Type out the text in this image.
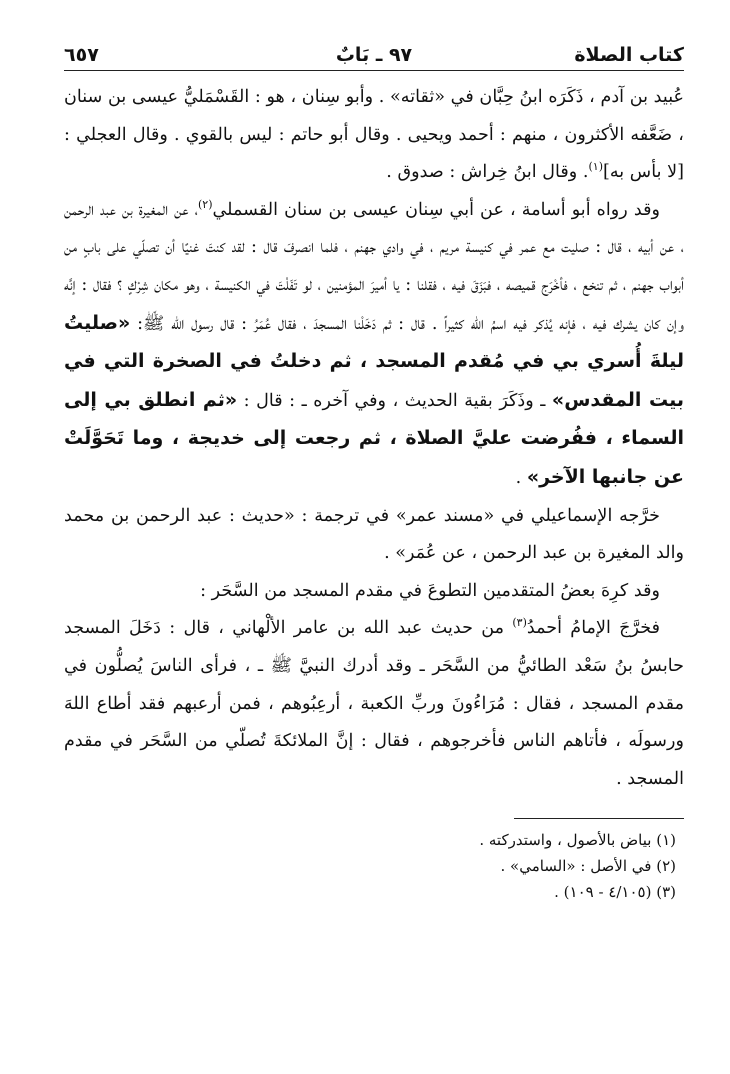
كتاب الصلاة
٩٧ ـ بَابٌ
٦٥٧

عُبيد بن آدم ، ذَكَرَه ابنُ حِبَّان في «ثقاته» . وأبو سِنان ، هو : القَسْمَليُّ عيسى بن سنان ، ضَعَّفه الأكثرون ، منهم : أحمد ويحيى . وقال أبو حاتم : ليس بالقوي . وقال العجلي : [لا بأس به]$^{(١)}$. وقال ابنُ خِراش : صدوق .

وقد رواه أبو أسامة ، عن أبي سِنان عيسى بن سنان القسملي$^{(٢)}$، عن المغيرة بن عبد الرحمن ، عن أبيه ، قال : صليت مع عمر في كنيسة مريم ، في وادي جهنم ، فلما انصرفَ قال : لقد كنتَ غنيًا أن تصلّي على بابٍ من أبواب جهنم ، ثم تنخع ، فأخْرَج قميصه ، فبَزَقَ فيه ، فقلنا : يا أميرَ المؤمنين ، لو تَفَلْتَ في الكنيسة ، وهو مكان شِرْكٍ ؟ فقال : إنَّه وإن كان يشرك فيه ، فإنه يُذكر فيه اسمُ الله كثيراً . قال : ثم دَخَلْنا المسجدَ ، فقال عُمَرُ : قال رسول الله ﷺ: «صليتُ ليلةَ أُسري بي في مُقدم المسجد ، ثم دخلتُ في الصخرة التي في بيت المقدس» ـ وذَكَرَ بقية الحديث ، وفي آخره ـ : قال : «ثم انطلق بي إلى السماء ، ففُرضت عليَّ الصلاة ، ثم رجعت إلى خديجة ، وما تَحَوَّلَتْ عن جانبها الآخر» .

خرَّجه الإسماعيلي في «مسند عمر» في ترجمة : «حديث : عبد الرحمن بن محمد والد المغيرة بن عبد الرحمن ، عن عُمَر» .

وقد كرِهَ بعضُ المتقدمين التطوعَ في مقدم المسجد من السَّحَر :

فخرَّجَ الإمامُ أحمدُ$^{(٣)}$ من حديث عبد الله بن عامر الألْهاني ، قال : دَخَلَ المسجد حابسُ بنُ سَعْد الطائيُّ من السَّحَر ـ وقد أدرك النبيَّ ﷺ ـ ، فرأى الناسَ يُصلُّون في مقدم المسجد ، فقال : مُرَاءُونَ وربِّ الكعبة ، أرعِبُوهم ، فمن أرعبهم فقد أطاع اللهَ ورسولَه ، فأتاهم الناس فأخرجوهم ، فقال : إنَّ الملائكةَ تُصلّي من السَّحَر في مقدم المسجد .

(١) بياض بالأصول ، واستدركته .

(٢) في الأصل : «السامي» .

(٣) (٤/١٠٥ - ١٠٩) .
